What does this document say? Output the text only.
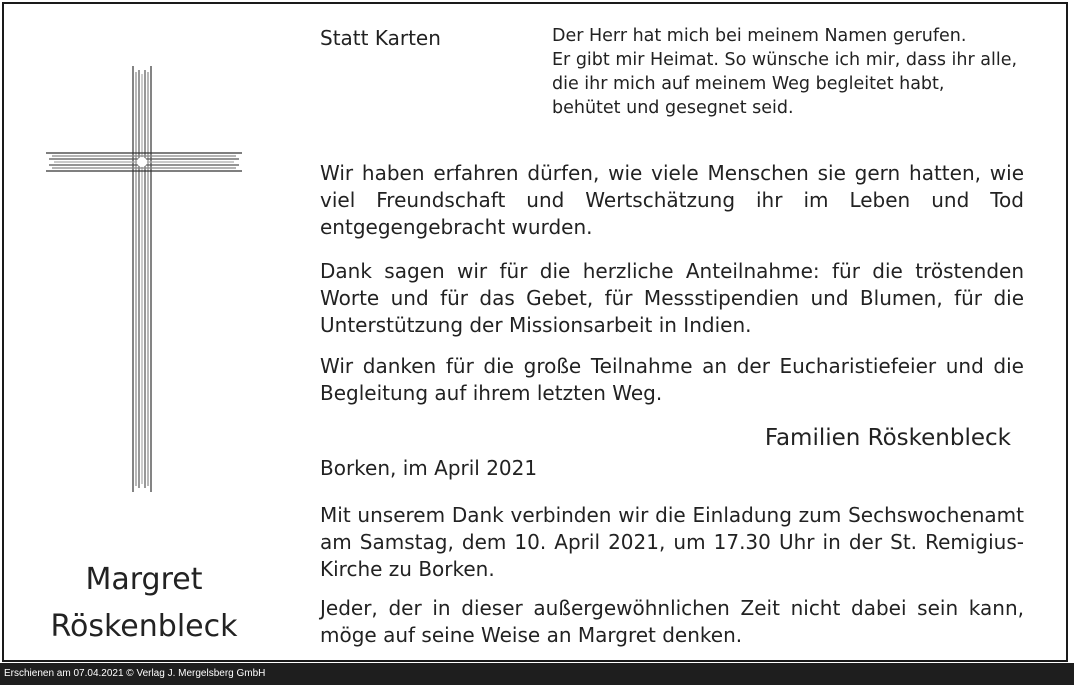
Statt Karten	Der Herr hat mich bei meinem Namen gerufen.
Er gibt mir Heimat. So wünsche ich mir, dass ihr alle,
die ihr mich auf meinem Weg begleitet habt,
behütet und gesegnet seid.
Wir haben erfahren dürfen, wie viele Menschen sie gern hatten, wie viel Freundschaft und Wertschätzung ihr im Leben und Tod entgegengebracht wurden.
Dank sagen wir für die herzliche Anteilnahme: für die tröstenden Worte und für das Gebet, für Messstipendien und Blumen, für die Unterstützung der Missionsarbeit in Indien.
Wir danken für die große Teilnahme an der Eucharistiefeier und die Begleitung auf ihrem letzten Weg.
Familien Röskenbleck
Borken, im April 2021
Mit unserem Dank verbinden wir die Einladung zum Sechswochenamt am Samstag, dem 10. April 2021, um 17.30 Uhr in der St. Remigius-Kirche zu Borken.
Jeder, der in dieser außergewöhnlichen Zeit nicht dabei sein kann, möge auf seine Weise an Margret denken.
Margret
Röskenbleck
Erschienen am 07.04.2021 © Verlag J. Mergelsberg GmbH
